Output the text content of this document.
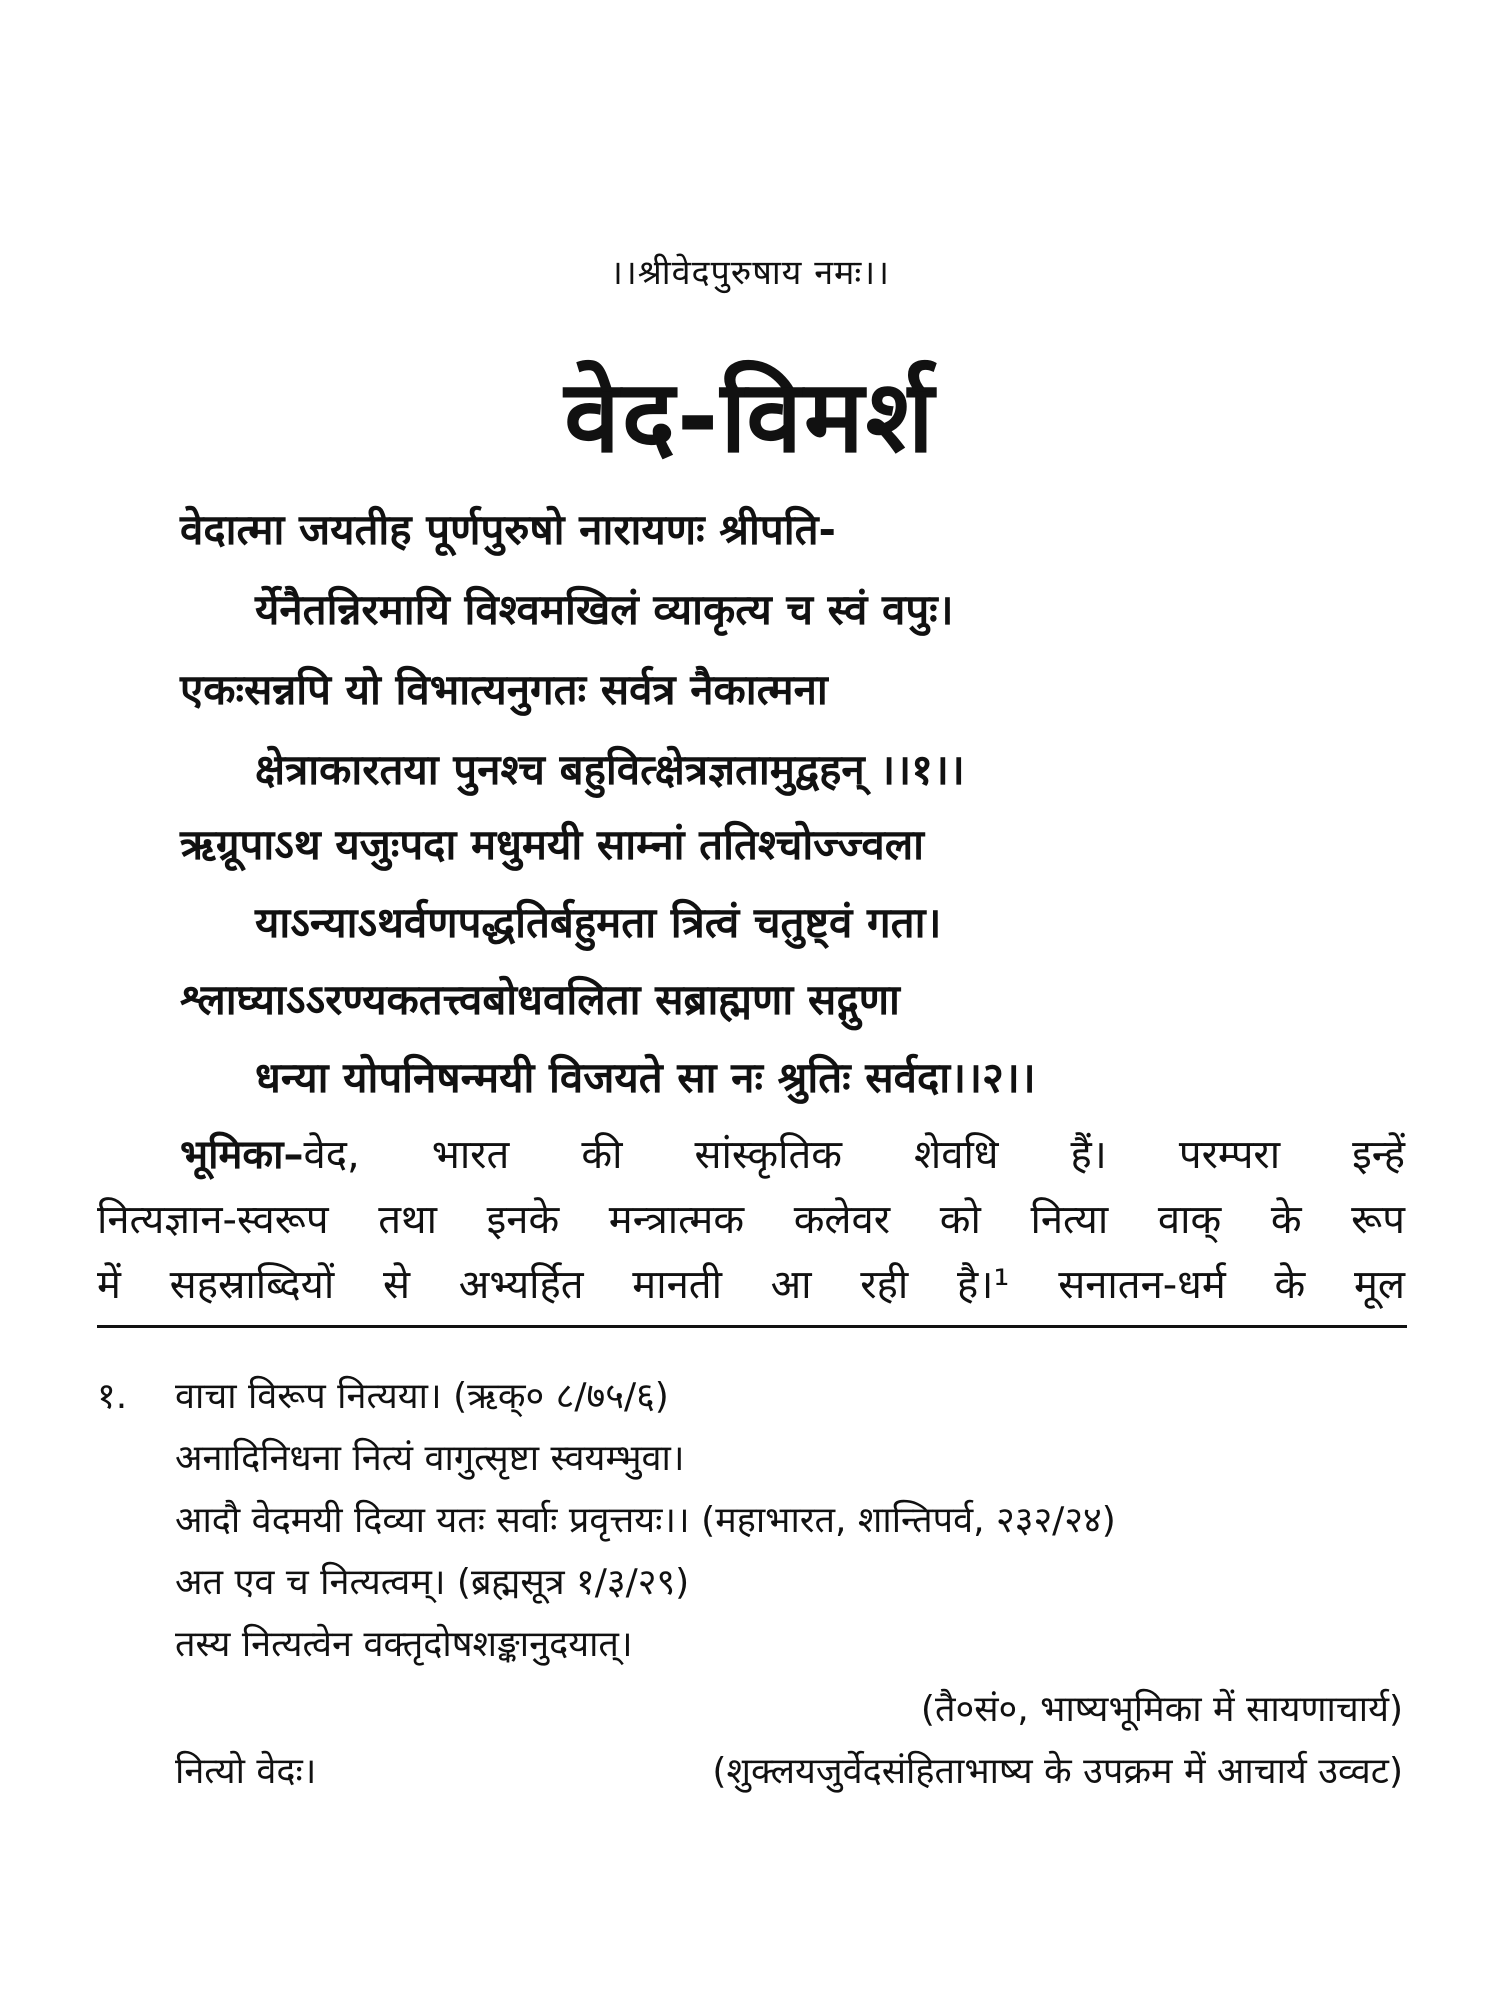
।।श्रीवेदपुरुषाय नमः।।
वेद-विमर्श
वेदात्मा जयतीह पूर्णपुरुषो नारायणः श्रीपति-
र्येनैतन्निरमायि विश्वमखिलं व्याकृत्य च स्वं वपुः।
एकःसन्नपि यो विभात्यनुगतः सर्वत्र नैकात्मना
क्षेत्राकारतया पुनश्च बहुवित्क्षेत्रज्ञतामुद्वहन् ।।१।।
ऋग्रूपाऽथ यजुःपदा मधुमयी साम्नां ततिश्चोज्ज्वला
याऽन्याऽथर्वणपद्धतिर्बहुमता त्रित्वं चतुष्ट्वं गता।
श्लाघ्याऽऽरण्यकतत्त्वबोधवलिता सब्राह्मणा सद्गुणा
धन्या योपनिषन्मयी विजयते सा नः श्रुतिः सर्वदा।।२।।
भूमिका–वेद, भारत की सांस्कृतिक शेवधि हैं। परम्परा इन्हें
नित्यज्ञान-स्वरूप तथा इनके मन्त्रात्मक कलेवर को नित्या वाक् के रूप
में सहस्राब्दियों से अभ्यर्हित मानती आ रही है।¹ सनातन-धर्म के मूल
१. वाचा विरूप नित्यया। (ऋक्० ८/७५/६)
अनादिनिधना नित्यं वागुत्सृष्टा स्वयम्भुवा।
आदौ वेदमयी दिव्या यतः सर्वाः प्रवृत्तयः।। (महाभारत, शान्तिपर्व, २३२/२४)
अत एव च नित्यत्वम्। (ब्रह्मसूत्र १/३/२९)
तस्य नित्यत्वेन वक्तृदोषशङ्कानुदयात्।
(तै०सं०, भाष्यभूमिका में सायणाचार्य)
नित्यो वेदः।	(शुक्लयजुर्वेदसंहिताभाष्य के उपक्रम में आचार्य उव्वट)
